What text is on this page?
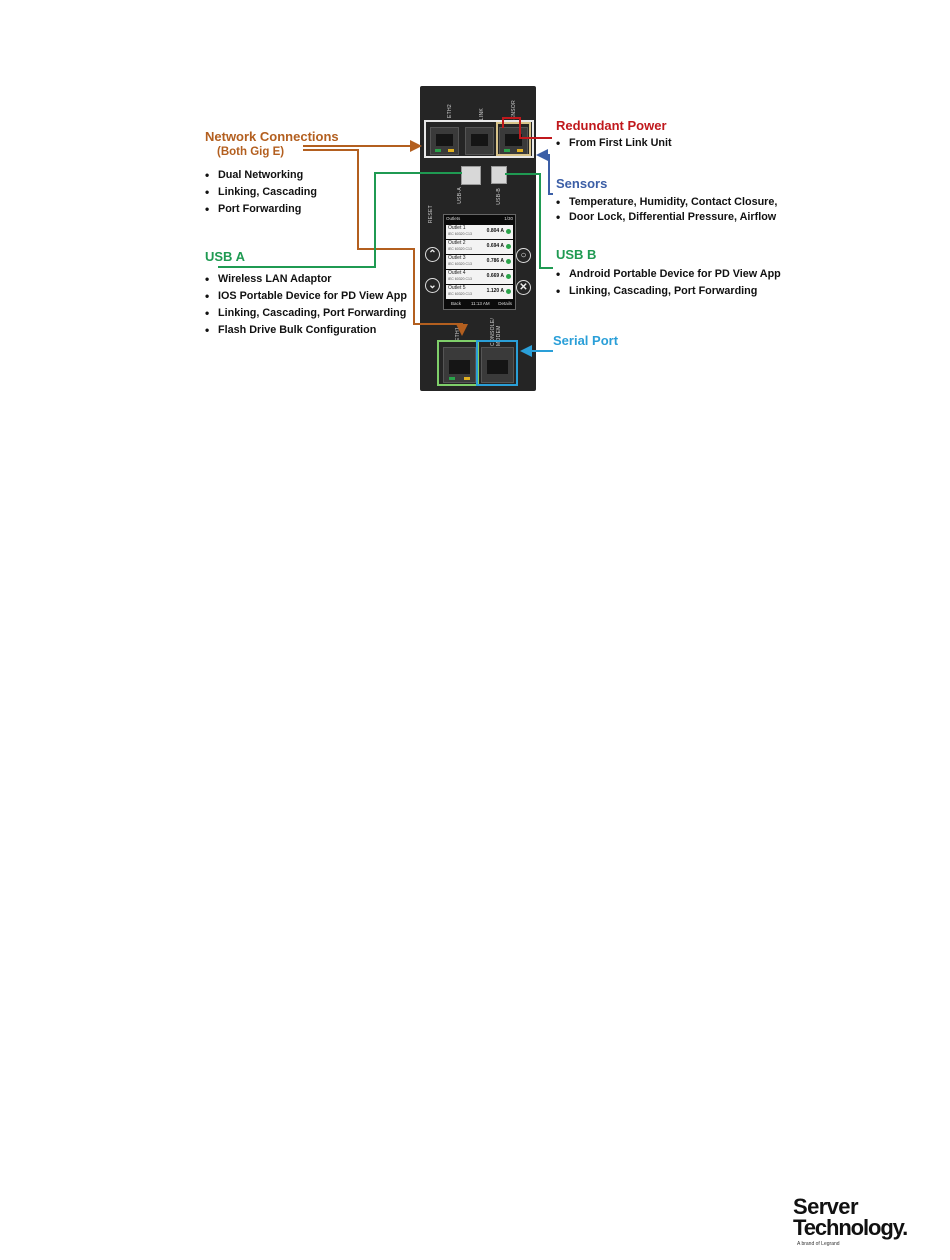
ETH2	LINK	SENSOR
USB-A	USB-B
RESET	Outlets	1/30
Outlet 1
IEC 60320 C13	0.804 A
Outlet 2
IEC 60320 C13	0.694 A
Outlet 3
IEC 60320 C13	0.786 A
Outlet 4
IEC 60320 C13	0.669 A
Outlet 5
IEC 60320 C13	1.120 A
Back 11:13 AM Details
⌃
⌄
○
✕
ETH1	CONSOLE/ MODEM
Network Connections
(Both Gig E)
• Dual Networking
• Linking, Cascading
• Port Forwarding
Redundant Power
• From First Link Unit
Sensors
• Temperature, Humidity, Contact Closure,
• Door Lock, Differential Pressure, Airflow
USB A
• Wireless LAN Adaptor
• IOS Portable Device for PD View App
• Linking, Cascading, Port Forwarding
• Flash Drive Bulk Configuration
USB B
• Android Portable Device for PD View App
• Linking, Cascading, Port Forwarding
Serial Port
Server
Technology.
A brand of Legrand
